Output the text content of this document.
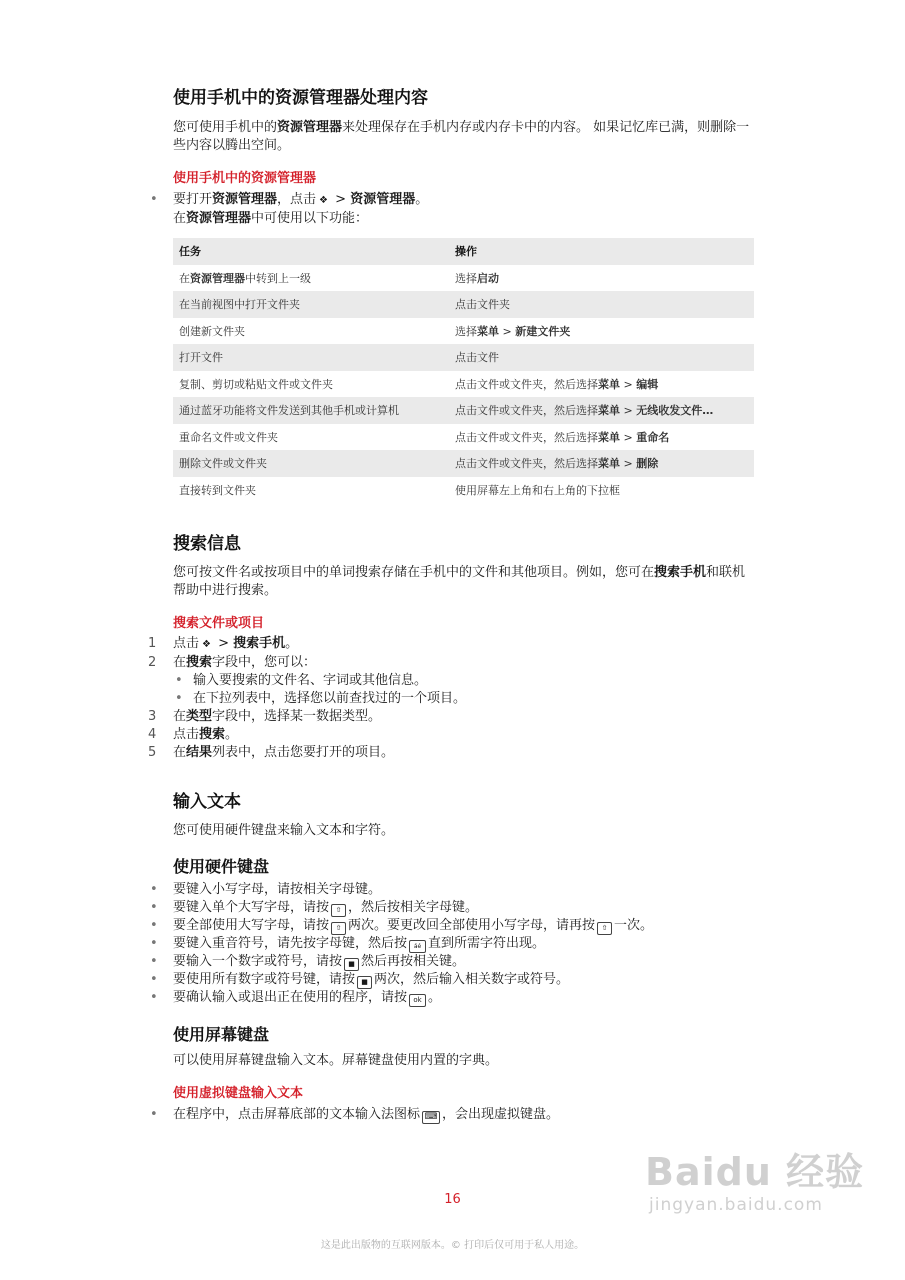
使用手机中的资源管理器处理内容

您可使用手机中的资源管理器来处理保存在手机内存或内存卡中的内容。 如果记忆库已满，则删除一些内容以腾出空间。

使用手机中的资源管理器
• 要打开资源管理器，点击 ❖ > 资源管理器。

在资源管理器中可使用以下功能：

任务	操作
在资源管理器中转到上一级	选择启动
在当前视图中打开文件夹	点击文件夹
创建新文件夹	选择菜单 > 新建文件夹
打开文件	点击文件
复制、剪切或粘贴文件或文件夹	点击文件或文件夹，然后选择菜单 > 编辑
通过蓝牙功能将文件发送到其他手机或计算机	点击文件或文件夹，然后选择菜单 > 无线收发文件…
重命名文件或文件夹	点击文件或文件夹，然后选择菜单 > 重命名
删除文件或文件夹	点击文件或文件夹，然后选择菜单 > 删除
直接转到文件夹	使用屏幕左上角和右上角的下拉框
搜索信息

您可按文件名或按项目中的单词搜索存储在手机中的文件和其他项目。例如，您可在搜索手机和联机帮助中进行搜索。

搜索文件或项目
1 点击 ❖ > 搜索手机。
2 在搜索字段中，您可以：
• 输入要搜索的文件名、字词或其他信息。
• 在下拉列表中，选择您以前查找过的一个项目。
3 在类型字段中，选择某一数据类型。
4 点击搜索。
5 在结果列表中，点击您要打开的项目。
输入文本

您可使用硬件键盘来输入文本和字符。

使用硬件键盘
• 要键入小写字母，请按相关字母键。
• 要键入单个大写字母，请按 ⇧ ，然后按相关字母键。
• 要全部使用大写字母，请按 ⇧ 两次。要更改回全部使用小写字母，请再按 ⇧ 一次。
• 要键入重音符号，请先按字母键，然后按 áé 直到所需字符出现。
• 要输入一个数字或符号，请按 ■ 然后再按相关键。
• 要使用所有数字或符号键，请按 ■ 两次，然后输入相关数字或符号。
• 要确认输入或退出正在使用的程序，请按 ok 。
使用屏幕键盘

可以使用屏幕键盘输入文本。屏幕键盘使用内置的字典。

使用虚拟键盘输入文本
• 在程序中，点击屏幕底部的文本输入法图标 ⌨ ，会出现虚拟键盘。
Baidu 经验
jingyan.baidu.com
16
这是此出版物的互联网版本。© 打印后仅可用于私人用途。
